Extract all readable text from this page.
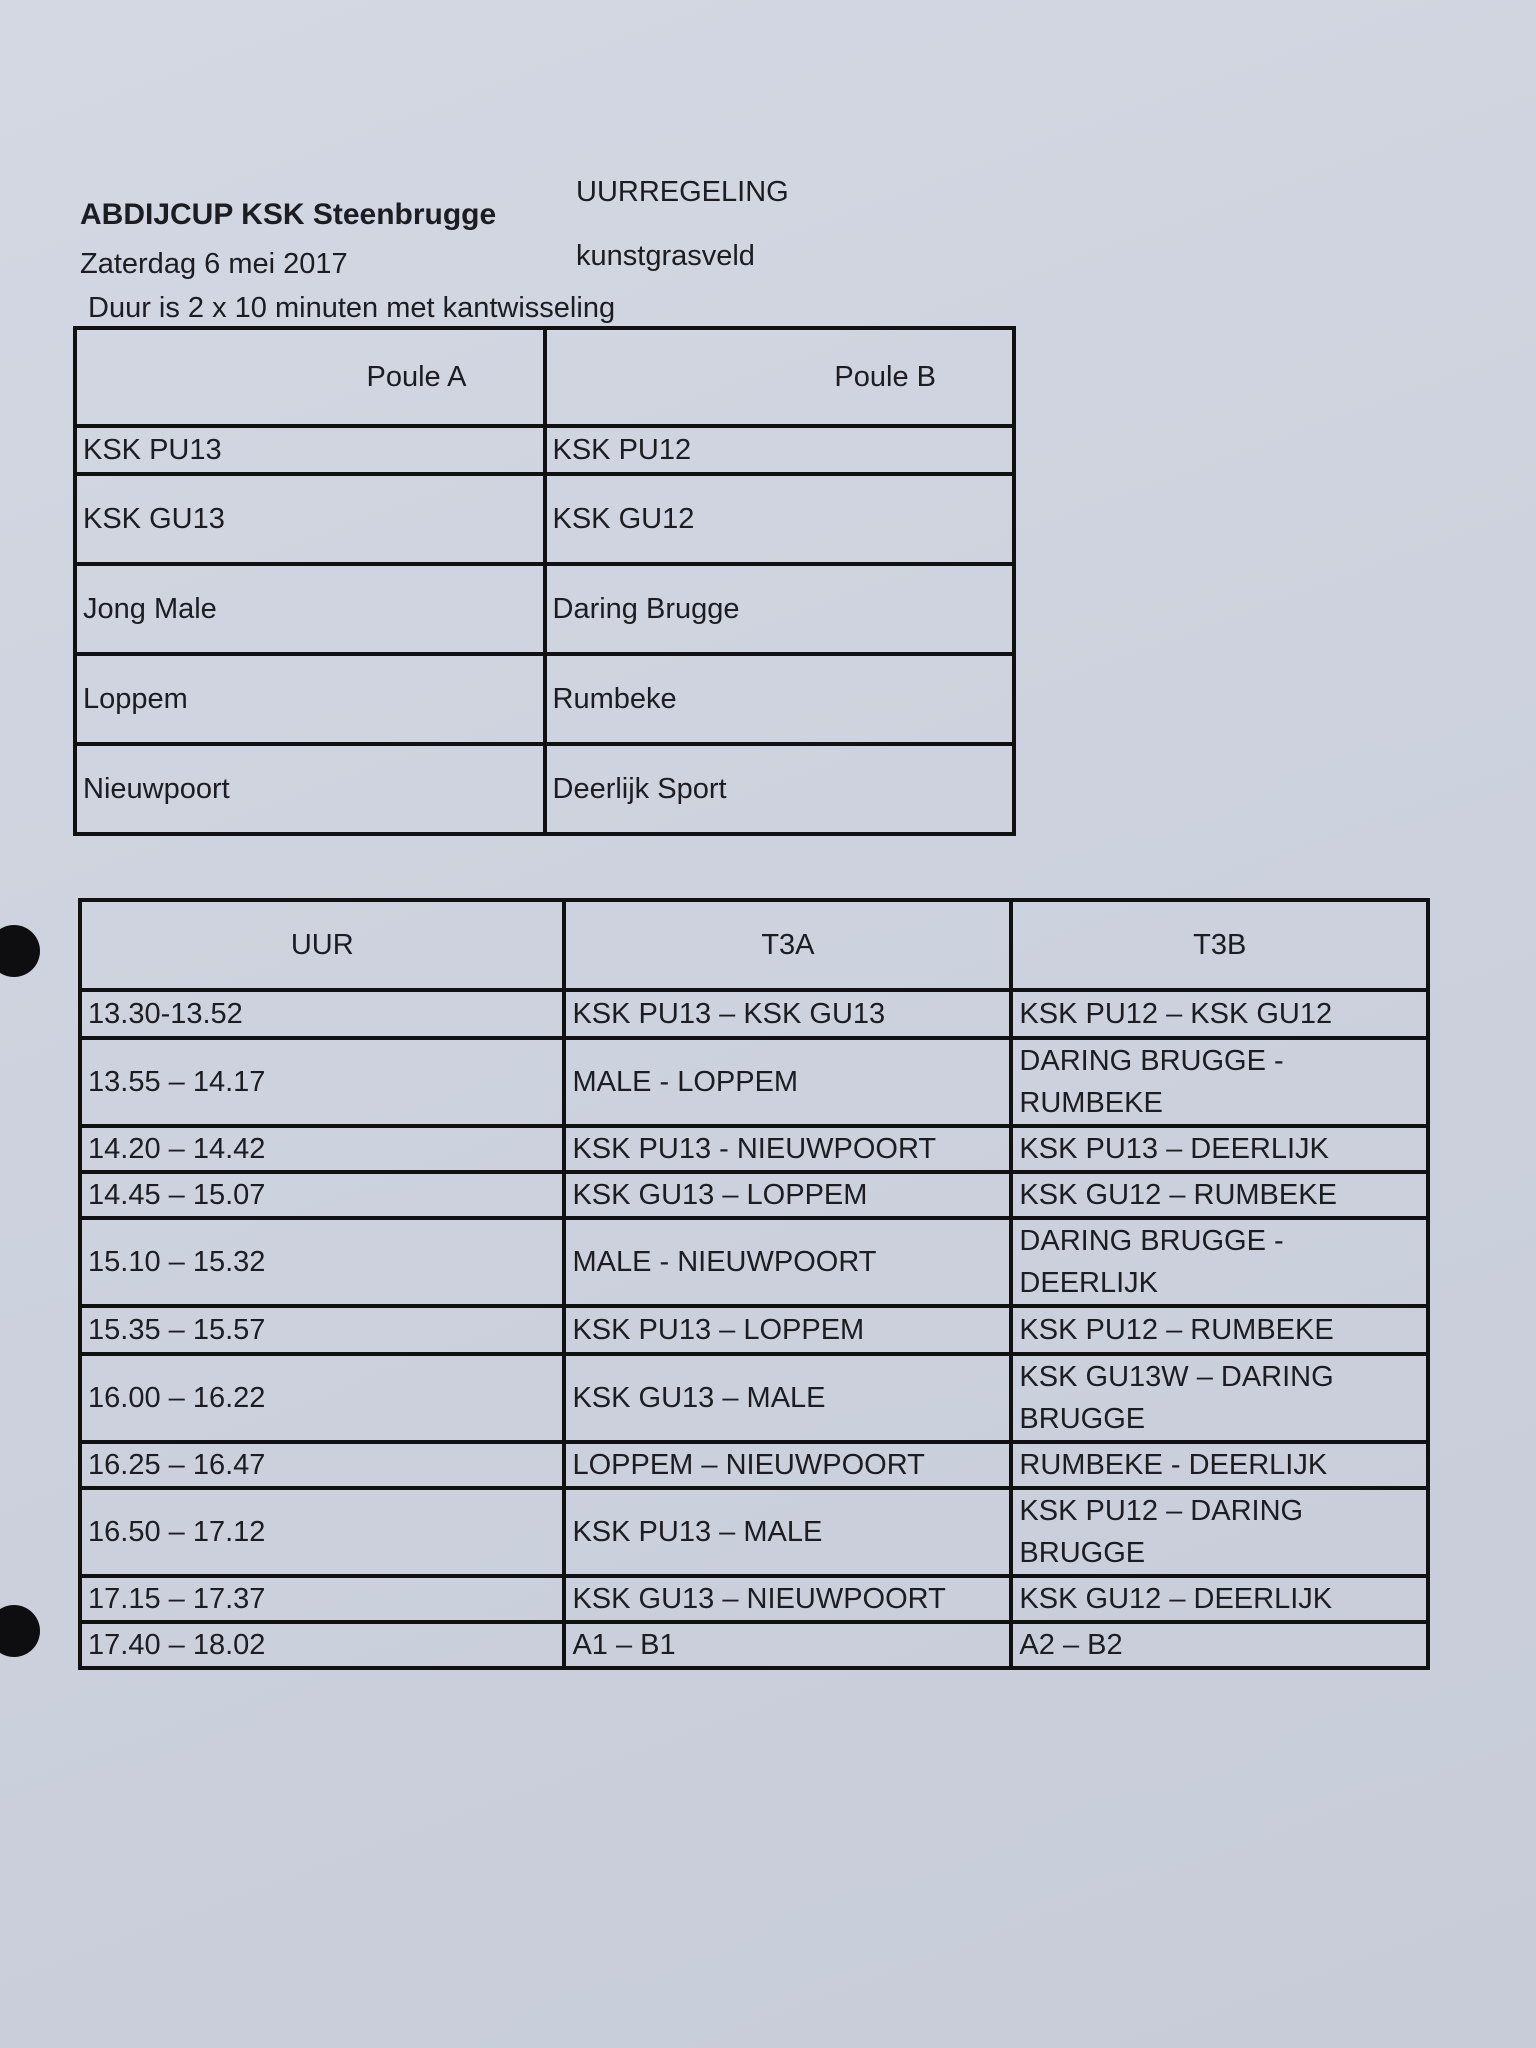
ABDIJCUP KSK Steenbrugge
Zaterdag 6 mei 2017
Duur is 2 x 10 minuten met kantwisseling
UURREGELING
kunstgrasveld
Poule A	Poule B
KSK PU13	KSK PU12
KSK GU13	KSK GU12
Jong Male	Daring Brugge
Loppem	Rumbeke
Nieuwpoort	Deerlijk Sport
UUR	T3A	T3B
13.30-13.52	KSK PU13 – KSK GU13	KSK PU12 – KSK GU12
13.55 – 14.17	MALE - LOPPEM	DARING BRUGGE - RUMBEKE
14.20 – 14.42	KSK PU13 - NIEUWPOORT	KSK PU13 – DEERLIJK
14.45 – 15.07	KSK GU13 – LOPPEM	KSK GU12 – RUMBEKE
15.10 – 15.32	MALE - NIEUWPOORT	DARING BRUGGE - DEERLIJK
15.35 – 15.57	KSK PU13 – LOPPEM	KSK PU12 – RUMBEKE
16.00 – 16.22	KSK GU13 – MALE	KSK GU13W – DARING BRUGGE
16.25 – 16.47	LOPPEM – NIEUWPOORT	RUMBEKE - DEERLIJK
16.50 – 17.12	KSK PU13 – MALE	KSK PU12 – DARING BRUGGE
17.15 – 17.37	KSK GU13 – NIEUWPOORT	KSK GU12 – DEERLIJK
17.40 – 18.02	A1 – B1	A2 – B2
